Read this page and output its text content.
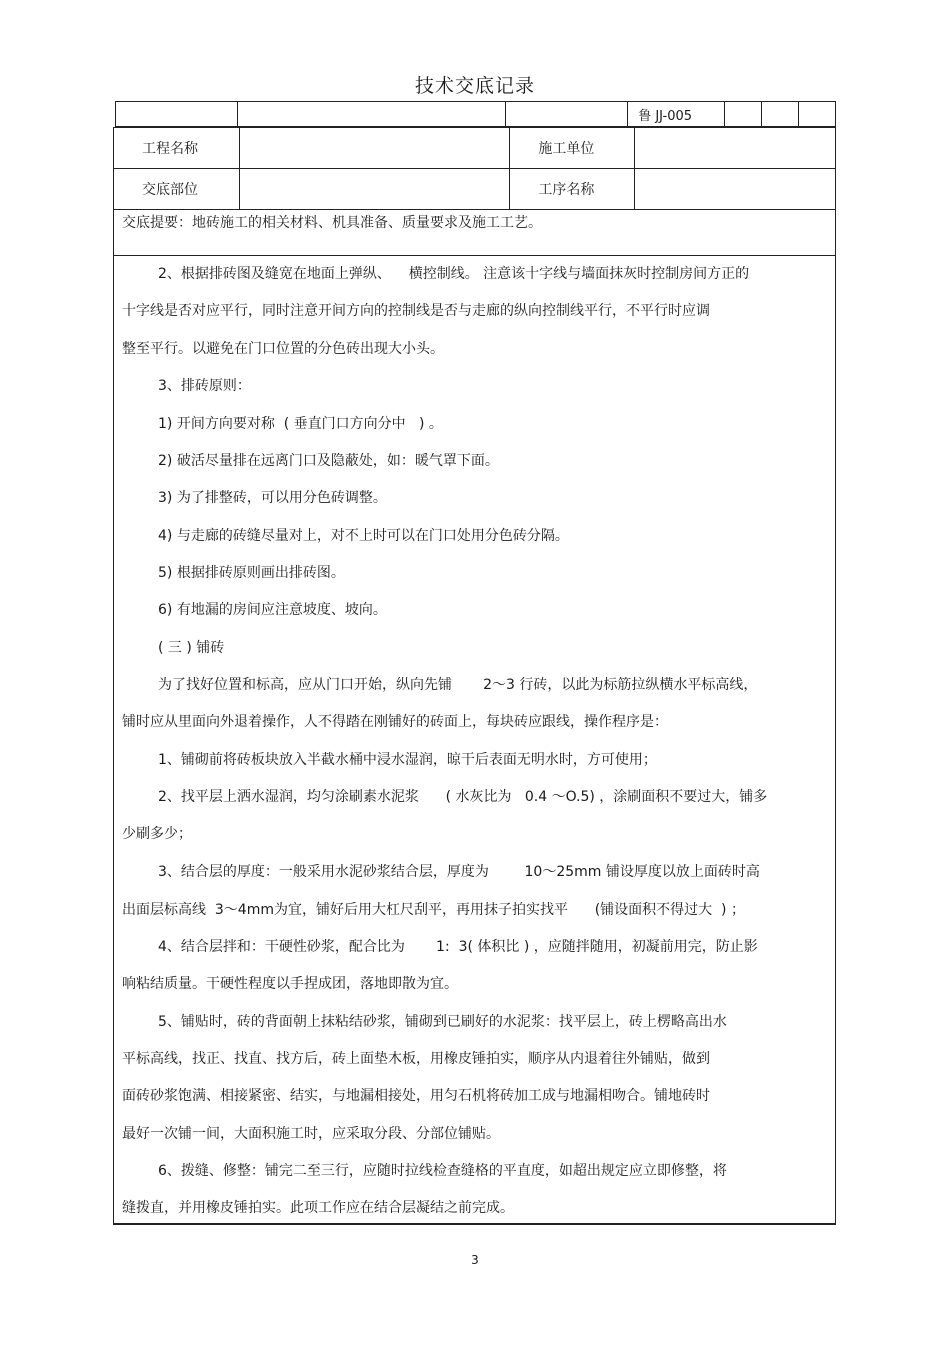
技术交底记录
			鲁 JJ-005			
工程名称		施工单位	
交底部位		工序名称	
交底提要：地砖施工的相关材料、机具准备、质量要求及施工工艺。
2、根据排砖图及缝宽在地面上弹纵、    横控制线。 注意该十字线与墙面抹灰时控制房间方正的
十字线是否对应平行，同时注意开间方向的控制线是否与走廊的纵向控制线平行，不平行时应调
整至平行。以避免在门口位置的分色砖出现大小头。
3、排砖原则：
1) 开间方向要对称  ( 垂直门口方向分中   ) 。
2) 破活尽量排在远离门口及隐蔽处，如：暖气罩下面。
3) 为了排整砖，可以用分色砖调整。
4) 与走廊的砖缝尽量对上，对不上时可以在门口处用分色砖分隔。
5) 根据排砖原则画出排砖图。
6) 有地漏的房间应注意坡度、坡向。
( 三 ) 铺砖
为了找好位置和标高，应从门口开始，纵向先铺       2～3 行砖，以此为标筋拉纵横水平标高线，
铺时应从里面向外退着操作，人不得踏在刚铺好的砖面上，每块砖应跟线，操作程序是：
1、铺砌前将砖板块放入半截水桶中浸水湿润，晾干后表面无明水时，方可使用；
2、找平层上洒水湿润，均匀涂刷素水泥浆      ( 水灰比为   0.4 ～O.5) ，涂刷面积不要过大，铺多
少刷多少；
3、结合层的厚度：一般采用水泥砂浆结合层，厚度为        10～25mm 铺设厚度以放上面砖时高
出面层标高线  3～4mm为宜，铺好后用大杠尺刮平，再用抹子拍实找平      (铺设面积不得过大  ) ；
4、结合层拌和：干硬性砂浆，配合比为       1:  3( 体积比 ) ，应随拌随用，初凝前用完，防止影
响粘结质量。干硬性程度以手捏成团，落地即散为宜。
5、铺贴时，砖的背面朝上抹粘结砂浆，铺砌到已刷好的水泥浆：找平层上，砖上楞略高出水
平标高线，找正、找直、找方后，砖上面垫木板，用橡皮锤拍实，顺序从内退着往外铺贴，做到
面砖砂浆饱满、相接紧密、结实，与地漏相接处，用匀石机将砖加工成与地漏相吻合。铺地砖时
最好一次铺一间，大面积施工时，应采取分段、分部位铺贴。
6、拨缝、修整：铺完二至三行，应随时拉线检查缝格的平直度，如超出规定应立即修整，将
缝拨直，并用橡皮锤拍实。此项工作应在结合层凝结之前完成。
3
